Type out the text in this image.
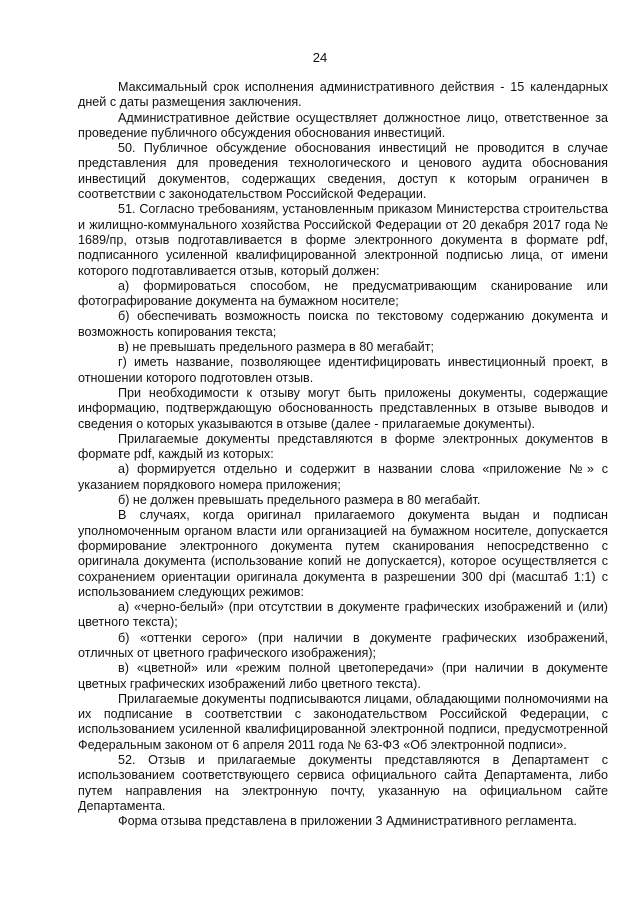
24

Максимальный срок исполнения административного действия - 15 календарных дней с даты размещения заключения.

Административное действие осуществляет должностное лицо, ответственное за проведение публичного обсуждения обоснования инвестиций.

50. Публичное обсуждение обоснования инвестиций не проводится в случае представления для проведения технологического и ценового аудита обоснования инвестиций документов, содержащих сведения, доступ к которым ограничен в соответствии с законодательством Российской Федерации.

51. Согласно требованиям, установленным приказом Министерства строительства и жилищно-коммунального хозяйства Российской Федерации от 20 декабря 2017 года № 1689/пр, отзыв подготавливается в форме электронного документа в формате pdf, подписанного усиленной квалифицированной электронной подписью лица, от имени которого подготавливается отзыв, который должен:

а) формироваться способом, не предусматривающим сканирование или фотографирование документа на бумажном носителе;

б) обеспечивать возможность поиска по текстовому содержанию документа и возможность копирования текста;

в) не превышать предельного размера в 80 мегабайт;

г) иметь название, позволяющее идентифицировать инвестиционный проект, в отношении которого подготовлен отзыв.

При необходимости к отзыву могут быть приложены документы, содержащие информацию, подтверждающую обоснованность представленных в отзыве выводов и сведения о которых указываются в отзыве (далее - прилагаемые документы).

Прилагаемые документы представляются в форме электронных документов в формате pdf, каждый из которых:

а) формируется отдельно и содержит в названии слова «приложение №» с указанием порядкового номера приложения;

б) не должен превышать предельного размера в 80 мегабайт.

В случаях, когда оригинал прилагаемого документа выдан и подписан уполномоченным органом власти или организацией на бумажном носителе, допускается формирование электронного документа путем сканирования непосредственно с оригинала документа (использование копий не допускается), которое осуществляется с сохранением ориентации оригинала документа в разрешении 300 dpi (масштаб 1:1) с использованием следующих режимов:

а) «черно-белый» (при отсутствии в документе графических изображений и (или) цветного текста);

б) «оттенки серого» (при наличии в документе графических изображений, отличных от цветного графического изображения);

в) «цветной» или «режим полной цветопередачи» (при наличии в документе цветных графических изображений либо цветного текста).

Прилагаемые документы подписываются лицами, обладающими полномочиями на их подписание в соответствии с законодательством Российской Федерации, с использованием усиленной квалифицированной электронной подписи, предусмотренной Федеральным законом от 6 апреля 2011 года № 63-ФЗ «Об электронной подписи».

52. Отзыв и прилагаемые документы представляются в Департамент с использованием соответствующего сервиса официального сайта Департамента, либо путем направления на электронную почту, указанную на официальном сайте Департамента.

Форма отзыва представлена в приложении 3 Административного регламента.
